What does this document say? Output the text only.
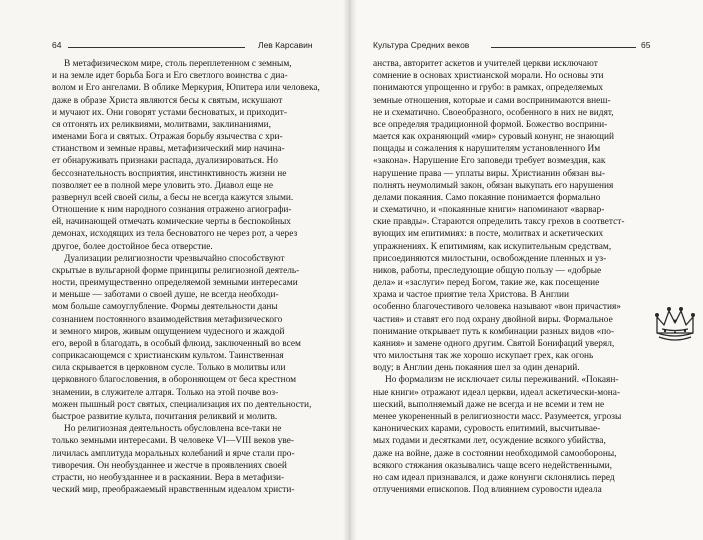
64	Лев Карсавин	Культура Средних веков	65
В метафизическом мире, столь переплетенном с земным,
и на земле идет борьба Бога и Его светлого воинства с диа-
волом и Его ангелами. В облике Меркурия, Юпитера или человека,
даже в образе Христа являются бесы к святым, искушают
и мучают их. Они говорят устами бесноватых, и приходит-
ся отгонять их реликвиями, молитвами, заклинаниями,
именами Бога и святых. Отражая борьбу язычества с хри-
стианством и земные нравы, метафизический мир начина-
ет обнаруживать признаки распада, дуализироваться. Но
бессознательность восприятия, инстинктивность жизни не
позволяет ее в полной мере уловить это. Диавол еще не
развернул всей своей силы, а бесы не всегда кажутся злыми.
Отношение к ним народного сознания отражено агиографи-
ей, начинающей отмечать комические черты в беспокойных
демонах, исходящих из тела бесноватого не через рот, а через
другое, более достойное беса отверстие.
Дуализации религиозности чрезвычайно способствуют
скрытые в вульгарной форме принципы религиозной деятель-
ности, преимущественно определяемой земными интересами
и меньше — заботами о своей душе, не всегда необходи-
мом больше самоуглубление. Формы деятельности даны
сознанием постоянного взаимодействия метафизического
и земного миров, живым ощущением чудесного и жаждой
его, верой в благодать, в особый флюид, заключенный во всем
соприкасающемся с христианским культом. Таинственная
сила скрывается в церковном сусле. Только в молитвы или
церковного благословения, в обороняющем от беса крестном
знамении, в служителе алтаря. Только на этой почве воз-
можен пышный рост святых, специализация их по деятельности,
быстрое развитие культа, почитания реликвий и молитв.
Но религиозная деятельность обусловлена все-таки не
только земными интересами. В человеке VI—VIII веков уве-
личилась амплитуда моральных колебаний и ярче стали про-
тиворечия. Он необузданнее и жестче в проявлениях своей
страсти, но необузданнее и в раскаянии. Вера в метафизи-
ческий мир, преображаемый нравственным идеалом христи-
анства, авторитет аскетов и учителей церкви исключают
сомнение в основах христианской морали. Но основы эти
понимаются упрощенно и грубо: в рамках, определяемых
земные отношения, которые и сами воспринимаются внеш-
не и схематично. Своеобразного, особенного в них не видят,
все определяя традиционной формой. Божество восприни-
мается как охраняющий «мир» суровый конунг, не знающий
пощады и сожаления к нарушителям установленного Им
«закона». Нарушение Его заповеди требует возмездия, как
нарушение права — уплаты виры. Христианин обязан вы-
полнять неумолимый закон, обязан выкупать его нарушения
делами покаяния. Само покаяние понимается формально
и схематично, и «покаянные книги» напоминают «варвар-
ские правды». Стараются определить таксу грехов в соответст-
вующих им епитимиях: в посте, молитвах и аскетических
упражнениях. К епитимиям, как искупительным средствам,
присоединяются милостыни, освобождение пленных и уз-
ников, работы, преследующие общую пользу — «добрые
дела» и «заслуги» перед Богом, такие же, как посещение
храма и частое приятие тела Христова. В Англии
особенно благочестивого человека называют «вон причастия»
частия» и ставят его под охрану двойной виры. Формальное
понимание открывает путь к комбинации разных видов «по-
каяния» и замене одного другим. Святой Бонифаций уверял,
что милостыня так же хорошо искупает грех, как огонь
воду; в Англии день покаяния шел за один денарий.
Но формализм не исключает силы переживаний. «Покаян-
ные книги» отражают идеал церкви, идеал аскетически-мона-
шеский, выполняемый даже не всегда и не всеми и тем не
менее укорененный в религиозности масс. Разумеется, угрозы
канонических карами, суровость епитимий, высчитывае-
мых годами и десятками лет, осуждение всякого убийства,
даже на войне, даже в состоянии необходимой самообороны,
всякого стяжания оказывались чаще всего недейственными,
но сам идеал признавался, и даже конунги склонялись перед
отлучениями епископов. Под влиянием суровости идеала
